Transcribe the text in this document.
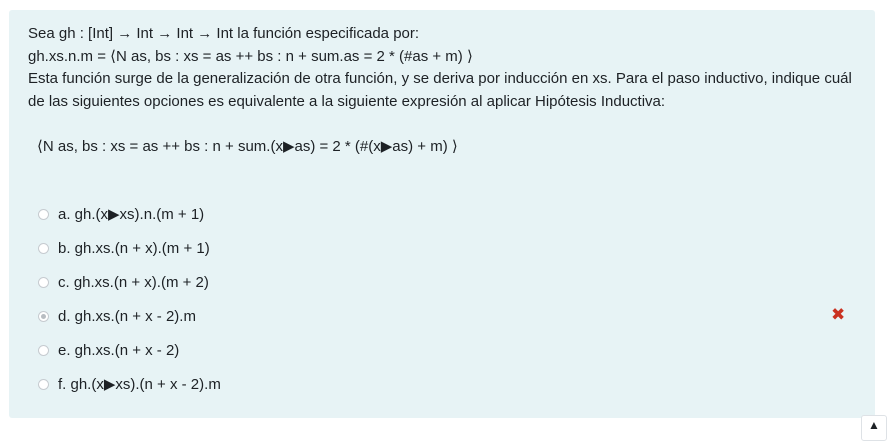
Sea gh : [Int] → Int → Int → Int la función especificada por:
gh.xs.n.m = ⟨N as, bs : xs = as ++ bs : n + sum.as = 2 * (#as + m) ⟩
Esta función surge de la generalización de otra función, y se deriva por inducción en xs. Para el paso inductivo, indique cuál
de las siguientes opciones es equivalente a la siguiente expresión al aplicar Hipótesis Inductiva:
⟨N as, bs : xs = as ++ bs : n + sum.(x▶as) = 2 * (#(x▶as) + m) ⟩
a. gh.(x▶xs).n.(m + 1)
b. gh.xs.(n + x).(m + 1)
c. gh.xs.(n + x).(m + 2)
d. gh.xs.(n + x - 2).m
e. gh.xs.(n + x - 2)
f. gh.(x▶xs).(n + x - 2).m
✖
▲
